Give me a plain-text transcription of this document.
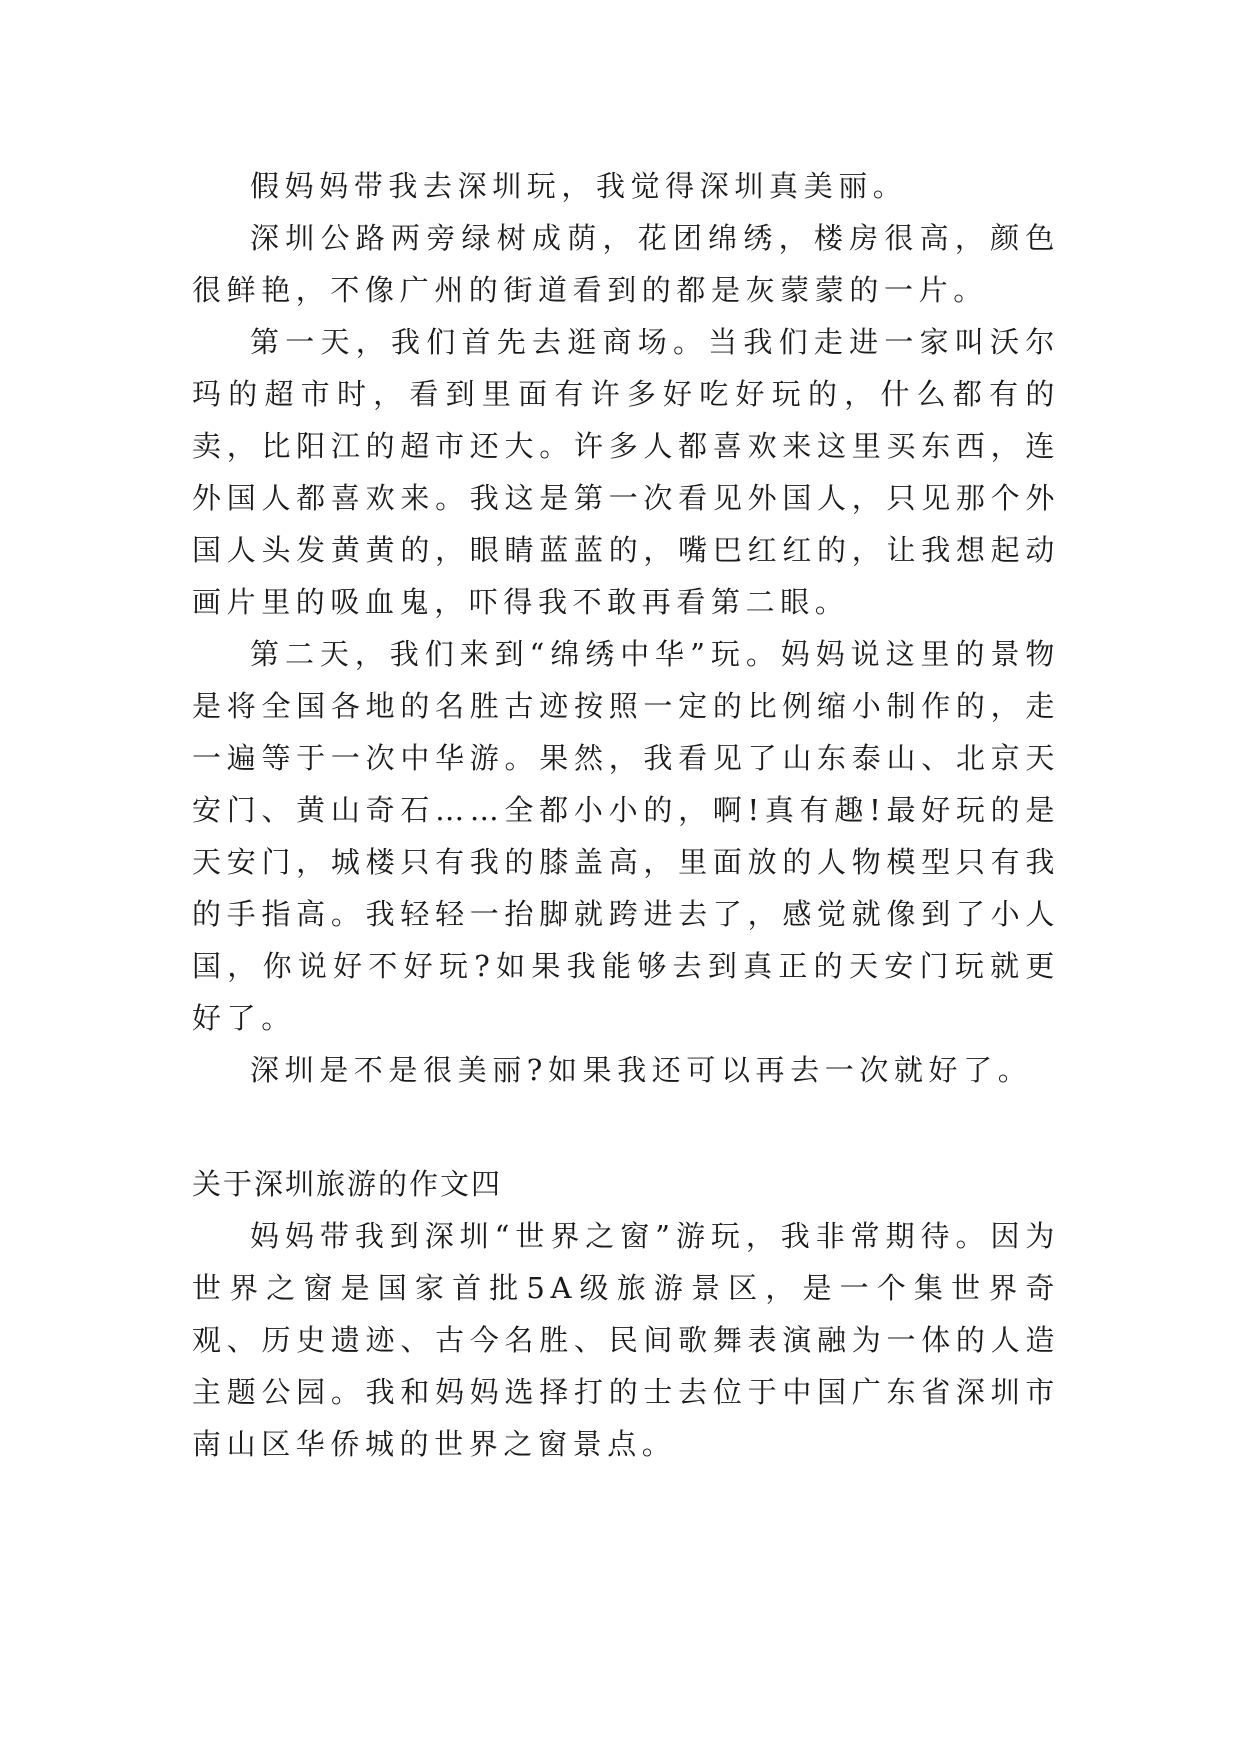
假妈妈带我去深圳玩，我觉得深圳真美丽。

深圳公路两旁绿树成荫，花团绵绣，楼房很高，颜色很鲜艳，不像广州的街道看到的都是灰蒙蒙的一片。

第一天，我们首先去逛商场。当我们走进一家叫沃尔玛的超市时，看到里面有许多好吃好玩的，什么都有的卖，比阳江的超市还大。许多人都喜欢来这里买东西，连外国人都喜欢来。我这是第一次看见外国人，只见那个外国人头发黄黄的，眼睛蓝蓝的，嘴巴红红的，让我想起动画片里的吸血鬼，吓得我不敢再看第二眼。

第二天，我们来到“绵绣中华”玩。妈妈说这里的景物是将全国各地的名胜古迹按照一定的比例缩小制作的，走一遍等于一次中华游。果然，我看见了山东泰山、北京天安门、黄山奇石……全都小小的，啊!真有趣!最好玩的是天安门，城楼只有我的膝盖高，里面放的人物模型只有我的手指高。我轻轻一抬脚就跨进去了，感觉就像到了小人国，你说好不好玩?如果我能够去到真正的天安门玩就更好了。

深圳是不是很美丽?如果我还可以再去一次就好了。

关于深圳旅游的作文四

妈妈带我到深圳“世界之窗”游玩，我非常期待。因为世界之窗是国家首批5A级旅游景区，是一个集世界奇观、历史遗迹、古今名胜、民间歌舞表演融为一体的人造主题公园。我和妈妈选择打的士去位于中国广东省深圳市南山区华侨城的世界之窗景点。
